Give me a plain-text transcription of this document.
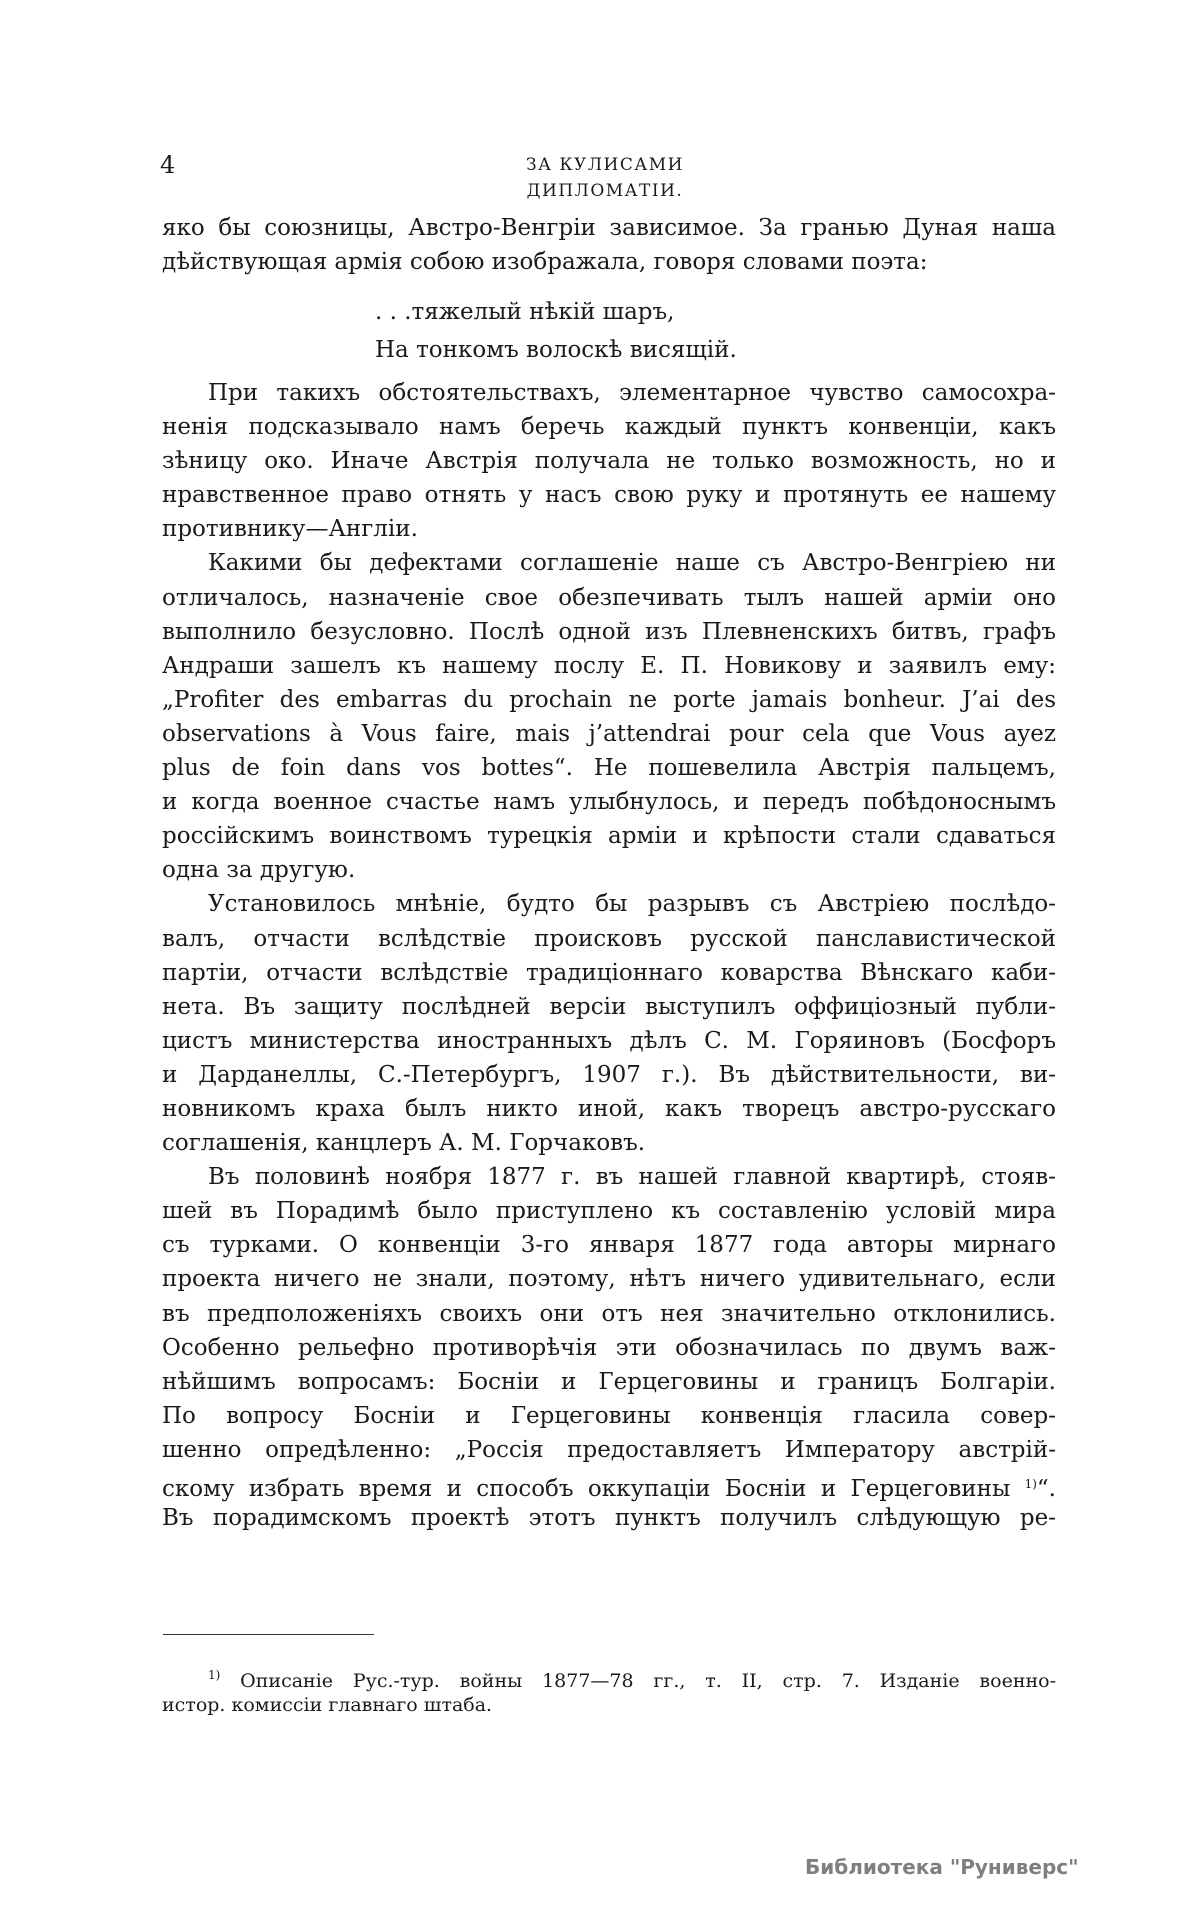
4	ЗА КУЛИСАМИ ДИПЛОМАТІИ.
яко бы союзницы, Австро-Венгріи зависимое. За гранью Дуная наша
дѣйствующая армія собою изображала, говоря словами поэта:
. . .тяжелый нѣкій шаръ,
На тонкомъ волоскѣ висящій.
При такихъ обстоятельствахъ, элементарное чувство самосохра-
ненія подсказывало намъ беречь каждый пунктъ конвенціи, какъ
зѣницу око. Иначе Австрія получала не только возможность, но и
нравственное право отнять у насъ свою руку и протянуть ее нашему
противнику—Англіи.
Какими бы дефектами соглашеніе наше съ Австро-Венгріею ни
отличалось, назначеніе свое обезпечивать тылъ нашей арміи оно
выполнило безусловно. Послѣ одной изъ Плевненскихъ битвъ, графъ
Андраши зашелъ къ нашему послу Е. П. Новикову и заявилъ ему:
„Profiter des embarras du prochain ne porte jamais bonheur. J’ai des
observations à Vous faire, mais j’attendrai pour cela que Vous ayez
plus de foin dans vos bottes“. Не пошевелила Австрія пальцемъ,
и когда военное счастье намъ улыбнулось, и передъ побѣдоноснымъ
россійскимъ воинствомъ турецкія арміи и крѣпости стали сдаваться
одна за другую.
Установилось мнѣніе, будто бы разрывъ съ Австріею послѣдо-
валъ, отчасти вслѣдствіе происковъ русской панславистической
партіи, отчасти вслѣдствіе традиціоннаго коварства Вѣнскаго каби-
нета. Въ защиту послѣдней версіи выступилъ оффиціозный публи-
цистъ министерства иностранныхъ дѣлъ С. М. Горяиновъ (Босфоръ
и Дарданеллы, С.-Петербургъ, 1907 г.). Въ дѣйствительности, ви-
новникомъ краха былъ никто иной, какъ творецъ австро-русскаго
соглашенія, канцлеръ А. М. Горчаковъ.
Въ половинѣ ноября 1877 г. въ нашей главной квартирѣ, стояв-
шей въ Порадимѣ было приступлено къ составленію условій мира
съ турками. О конвенціи 3-го января 1877 года авторы мирнаго
проекта ничего не знали, поэтому, нѣтъ ничего удивительнаго, если
въ предположеніяхъ своихъ они отъ нея значительно отклонились.
Особенно рельефно противорѣчія эти обозначилась по двумъ важ-
нѣйшимъ вопросамъ: Босніи и Герцеговины и границъ Болгаріи.
По вопросу Босніи и Герцеговины конвенція гласила совер-
шенно опредѣленно: „Россія предоставляетъ Императору австрій-
скому избрать время и способъ оккупаціи Босніи и Герцеговины $^{1)}$“.
Въ порадимскомъ проектѣ этотъ пунктъ получилъ слѣдующую ре-
$^{1)}$ Описаніе Рус.-тур. войны 1877—78 гг., т. II, стр. 7. Изданіе военно-
истор. комиссіи главнаго штаба.
Библиотека "Руниверс"
